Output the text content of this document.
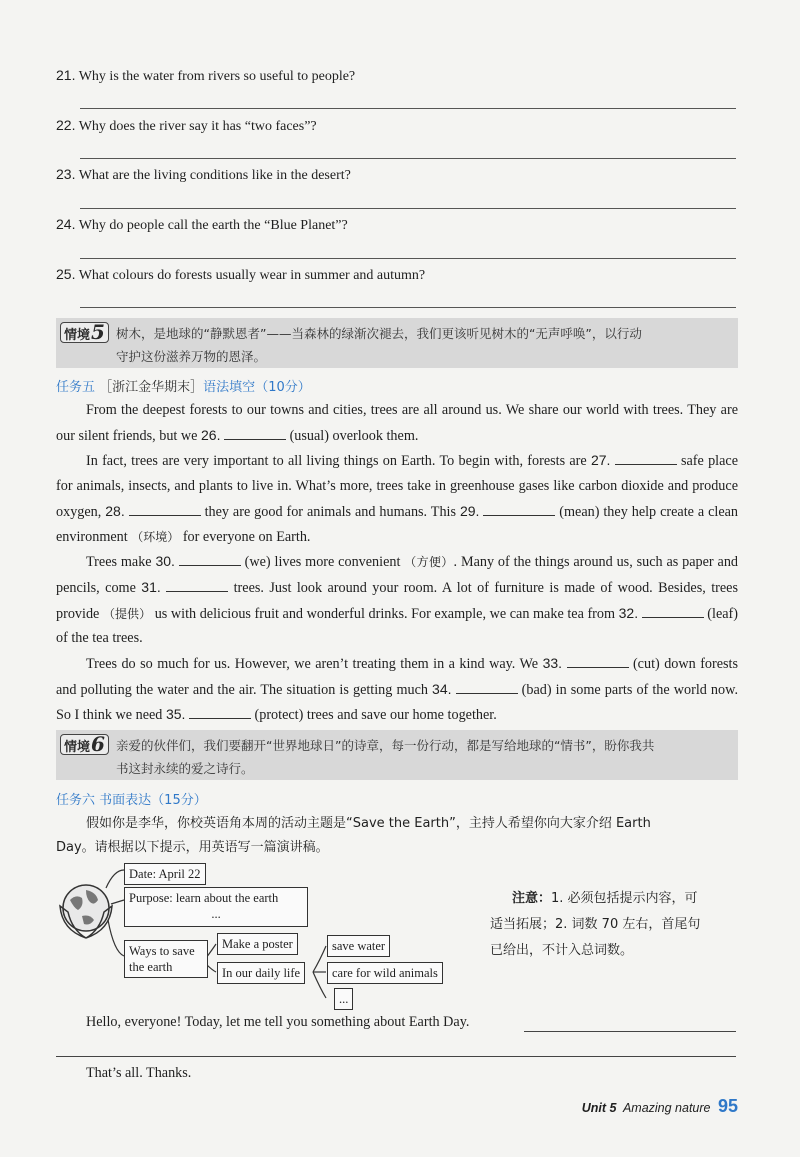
21. Why is the water from rivers so useful to people?
22. Why does the river say it has “two faces”?
23. What are the living conditions like in the desert?
24. Why do people call the earth the “Blue Planet”?
25. What colours do forests usually wear in summer and autumn?
情境5 树木，是地球的“静默恩者”——当森林的绿渐次褪去，我们更该听见树木的“无声呼唤”，以行动
守护这份滋养万物的恩泽。
任务五 ［浙江金华期末］语法填空（10分）

From the deepest forests to our towns and cities, trees are all around us. We share our world with trees. They are our silent friends, but we 26.	(usual) overlook them.

In fact, trees are very important to all living things on Earth. To begin with, forests are 27.	safe place for animals, insects, and plants to live in. What’s more, trees take in greenhouse gases like carbon dioxide and produce oxygen, 28.	they are good for animals and humans. This 29.	(mean) they help create a clean environment （环境） for everyone on Earth.

Trees make 30.	(we) lives more convenient （方便）. Many of the things around us, such as paper and pencils, come 31.	trees. Just look around your room. A lot of furniture is made of wood. Besides, trees provide （提供） us with delicious fruit and wonderful drinks. For example, we can make tea from 32.	(leaf) of the tea trees.

Trees do so much for us. However, we aren’t treating them in a kind way. We 33.	(cut) down forests and polluting the water and the air. The situation is getting much 34.	(bad) in some parts of the world now. So I think we need 35.	(protect) trees and save our home together.

情境6 亲爱的伙伴们，我们要翻开“世界地球日”的诗章，每一份行动，都是写给地球的“情书”，盼你我共
书这封永续的爱之诗行。
任务六 书面表达（15分）
假如你是李华，你校英语角本周的活动主题是“Save the Earth”，主持人希望你向大家介绍 Earth
Day。请根据以下提示，用英语写一篇演讲稿。
Date: April 22
Purpose: learn about the earth
...
Ways to save
the earth
Make a poster
In our daily life
save water
care for wild animals
...
注意：1. 必须包括提示内容，可
适当拓展；2. 词数 70 左右，首尾句
已给出，不计入总词数。
Hello, everyone! Today, let me tell you something about Earth Day.
That’s all. Thanks.
Unit 5 Amazing nature 95
